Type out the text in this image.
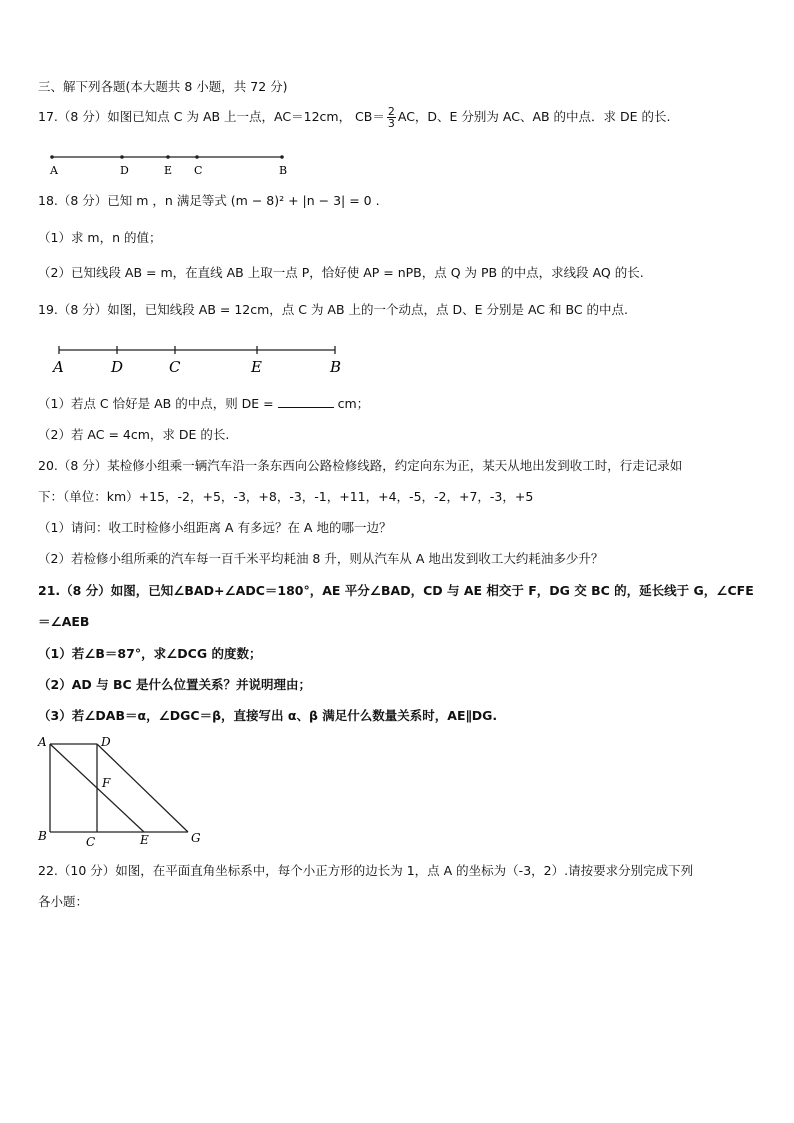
三、解下列各题(本大题共 8 小题，共 72 分)
17.（8 分）如图已知点 C 为 AB 上一点，AC＝12cm， $CB= \frac{2}{3}$ AC，D、E 分别为 AC、AB 的中点．求 DE 的长.
A	D	E C	B
18.（8 分）已知 m ，n 满足等式 (m − 8)² + |n − 3| = 0 .
（1）求 m，n 的值；
（2）已知线段 AB = m，在直线 AB 上取一点 P，恰好使 AP = nPB，点 Q 为 PB 的中点，求线段 AQ 的长.
19.（8 分）如图，已知线段 AB = 12cm，点 C 为 AB 上的一个动点，点 D、E 分别是 AC 和 BC 的中点.
A	D	C	E	B
（1）若点 C 恰好是 AB 的中点，则 DE =	cm；
（2）若 AC = 4cm，求 DE 的长.
20.（8 分）某检修小组乘一辆汽车沿一条东西向公路检修线路，约定向东为正，某天从地出发到收工时，行走记录如
下：（单位：km）+15，-2，+5，-3，+8，-3，-1，+11，+4，-5，-2，+7，-3，+5
（1）请问：收工时检修小组距离 A 有多远？在 A 地的哪一边？
（2）若检修小组所乘的汽车每一百千米平均耗油 8 升，则从汽车从 A 地出发到收工大约耗油多少升？
21.（8 分）如图，已知∠BAD+∠ADC＝180°，AE 平分∠BAD，CD 与 AE 相交于 F，DG 交 BC 的，延长线于 G，∠CFE
＝∠AEB
（1）若∠B＝87°，求∠DCG 的度数；
（2）AD 与 BC 是什么位置关系？并说明理由；
（3）若∠DAB＝α，∠DGC＝β，直接写出 α、β 满足什么数量关系时，AE∥DG.
A	D
F
B	C	E	G
22.（10 分）如图，在平面直角坐标系中，每个小正方形的边长为 1，点 A 的坐标为（-3，2）.请按要求分别完成下列
各小题：
